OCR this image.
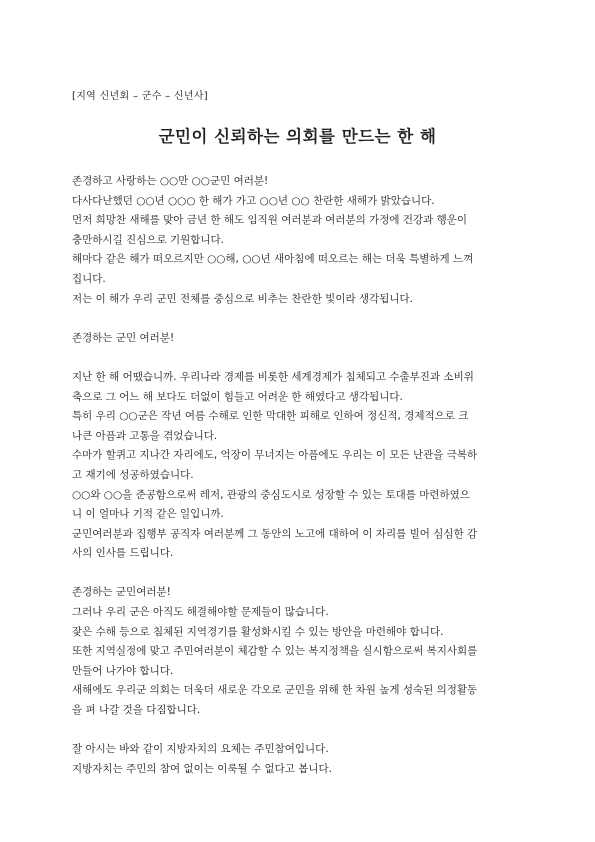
[지역 신년회 – 군수 – 신년사]
군민이 신뢰하는 의회를 만드는 한 해
존경하고 사랑하는 ○○만 ○○군민 여러분!
다사다난했던 ○○년 ○○○ 한 해가 가고 ○○년 ○○ 찬란한 새해가 밝았습니다.
먼저 희망찬 새해를 맞아 금년 한 해도 임직원 여러분과 여러분의 가정에 건강과 행운이
충만하시길 진심으로 기원합니다.
해마다 같은 해가 떠오르지만 ○○해, ○○년 새아침에 떠오르는 해는 더욱 특별하게 느껴
집니다.
저는 이 해가 우리 군민 전체를 중심으로 비추는 찬란한 빛이라 생각됩니다.
존경하는 군민 여러분!
지난 한 해 어땠습니까. 우리나라 경제를 비롯한 세계경제가 침체되고 수출부진과 소비위
축으로 그 어느 해 보다도 더없이 힘들고 어려운 한 해였다고 생각됩니다.
특히 우리 ○○군은 작년 여름 수해로 인한 막대한 피해로 인하여 정신적, 경제적으로 크
나큰 아픔과 고통을 겪었습니다.
수마가 할퀴고 지나간 자리에도, 억장이 무너지는 아픔에도 우리는 이 모든 난관을 극복하
고 재기에 성공하였습니다.
○○와 ○○을 준공함으로써 레저, 관광의 중심도시로 성장할 수 있는 토대를 마련하였으
니 이 얼마나 기적 같은 일입니까.
군민여러분과 집행부 공직자 여러분께 그 동안의 노고에 대하여 이 자리를 빌어 심심한 감
사의 인사를 드립니다.
존경하는 군민여러분!
그러나 우리 군은 아직도 해결해야할 문제들이 많습니다.
잦은 수해 등으로 침체된 지역경기를 활성화시킬 수 있는 방안을 마련해야 합니다.
또한 지역실정에 맞고 주민여러분이 체감할 수 있는 복지정책을 실시함으로써 복지사회를
만들어 나가야 합니다.
새해에도 우리군 의회는 더욱더 새로운 각오로 군민을 위해 한 차원 높게 성숙된 의정활동
을 펴 나갈 것을 다짐합니다.
잘 아시는 바와 같이 지방자치의 요체는 주민참여입니다.
지방자치는 주민의 참여 없이는 이룩될 수 없다고 봅니다.
